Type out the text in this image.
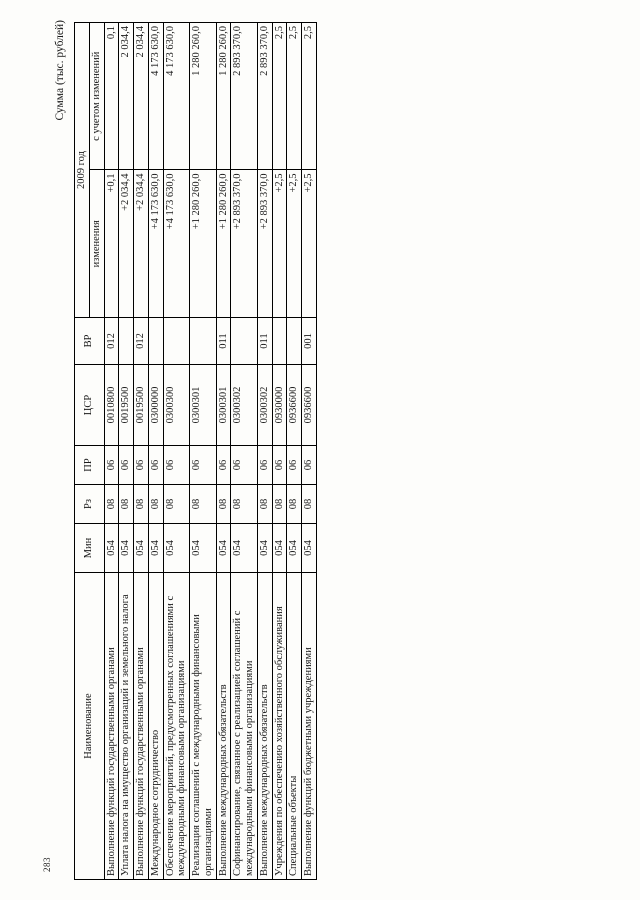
283
Сумма (тыс. рублей)
Наименование	Мин	Рз	ПР	ЦСР	ВР	2009 год	
						изменения	с учетом изменений
Выполнение функций государственными органами	054	08	06	0010800	012	+0,1	0,1
Уплата налога на имущество организаций и земельного налога	054	08	06	0019500		+2 034,4	2 034,4
Выполнение функций государственными органами	054	08	06	0019500	012	+2 034,4	2 034,4
Международное сотрудничество	054	08	06	0300000		+4 173 630,0	4 173 630,0
Обеспечение мероприятий, предусмотренных соглашениями с международными финансовыми организациями	054	08	06	0300300		+4 173 630,0	4 173 630,0
Реализация соглашений с международными финансовыми организациями	054	08	06	0300301		+1 280 260,0	1 280 260,0
Выполнение международных обязательств	054	08	06	0300301	011	+1 280 260,0	1 280 260,0
Софинансирование, связанное с реализацией соглашений с международными финансовыми организациями	054	08	06	0300302		+2 893 370,0	2 893 370,0
Выполнение международных обязательств	054	08	06	0300302	011	+2 893 370,0	2 893 370,0
Учреждения по обеспечению хозяйственного обслуживания	054	08	06	0930000		+2,5	2,5
Специальные объекты	054	08	06	0936600		+2,5	2,5
Выполнение функций бюджетными учреждениями	054	08	06	0936600	001	+2,5	2,5
